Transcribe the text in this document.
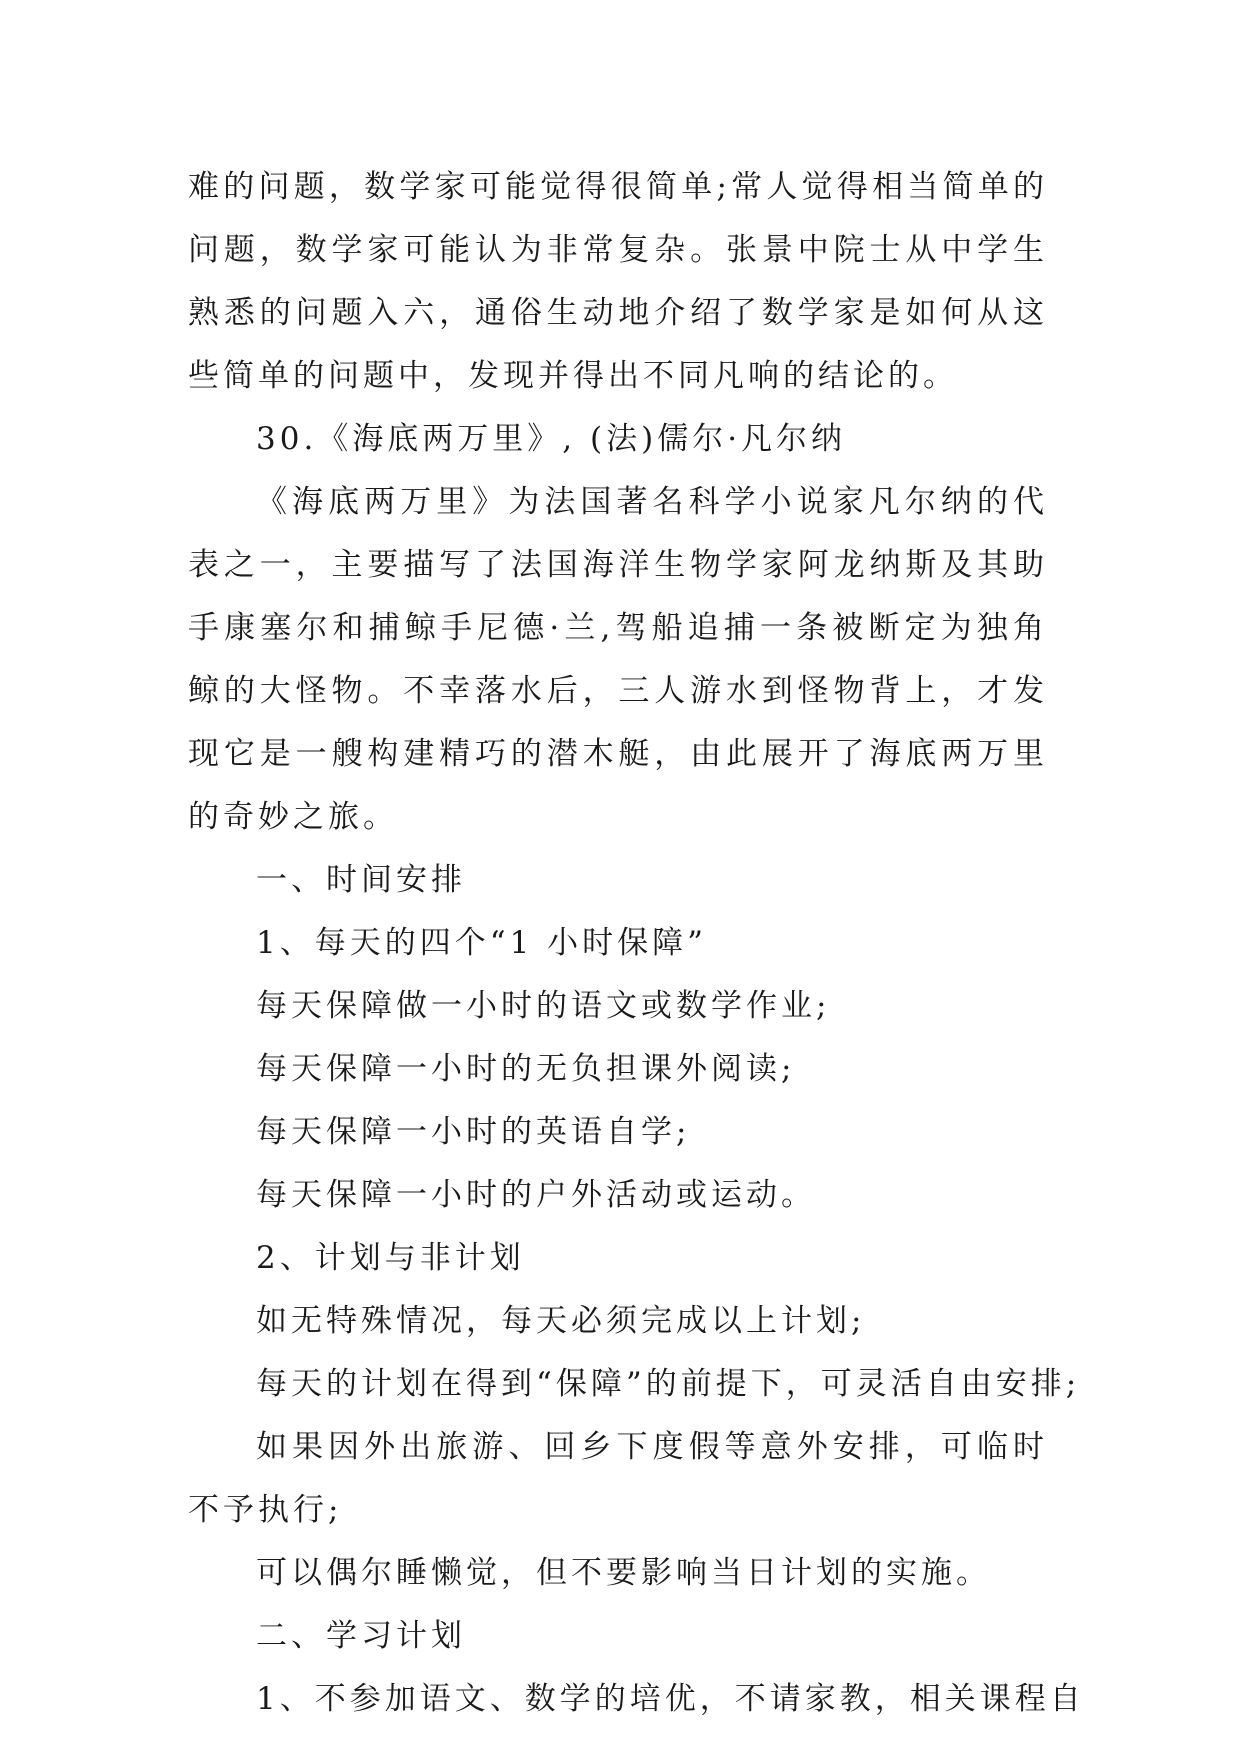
难的问题，数学家可能觉得很简单;常人觉得相当简单的问题，数学家可能认为非常复杂。张景中院士从中学生熟悉的问题入六，通俗生动地介绍了数学家是如何从这些简单的问题中，发现并得出不同凡响的结论的。

30.《海底两万里》, (法)儒尔·凡尔纳

《海底两万里》为法国著名科学小说家凡尔纳的代表之一，主要描写了法国海洋生物学家阿龙纳斯及其助手康塞尔和捕鲸手尼德·兰,驾船追捕一条被断定为独角鲸的大怪物。不幸落水后，三人游水到怪物背上，才发现它是一艘构建精巧的潜木艇，由此展开了海底两万里的奇妙之旅。

一、时间安排

1、每天的四个“1 小时保障”

每天保障做一小时的语文或数学作业;

每天保障一小时的无负担课外阅读;

每天保障一小时的英语自学;

每天保障一小时的户外活动或运动。

2、计划与非计划

如无特殊情况，每天必须完成以上计划;

每天的计划在得到“保障”的前提下，可灵活自由安排;

如果因外出旅游、回乡下度假等意外安排，可临时不予执行;

可以偶尔睡懒觉，但不要影响当日计划的实施。

二、学习计划

1、不参加语文、数学的培优，不请家教，相关课程自
